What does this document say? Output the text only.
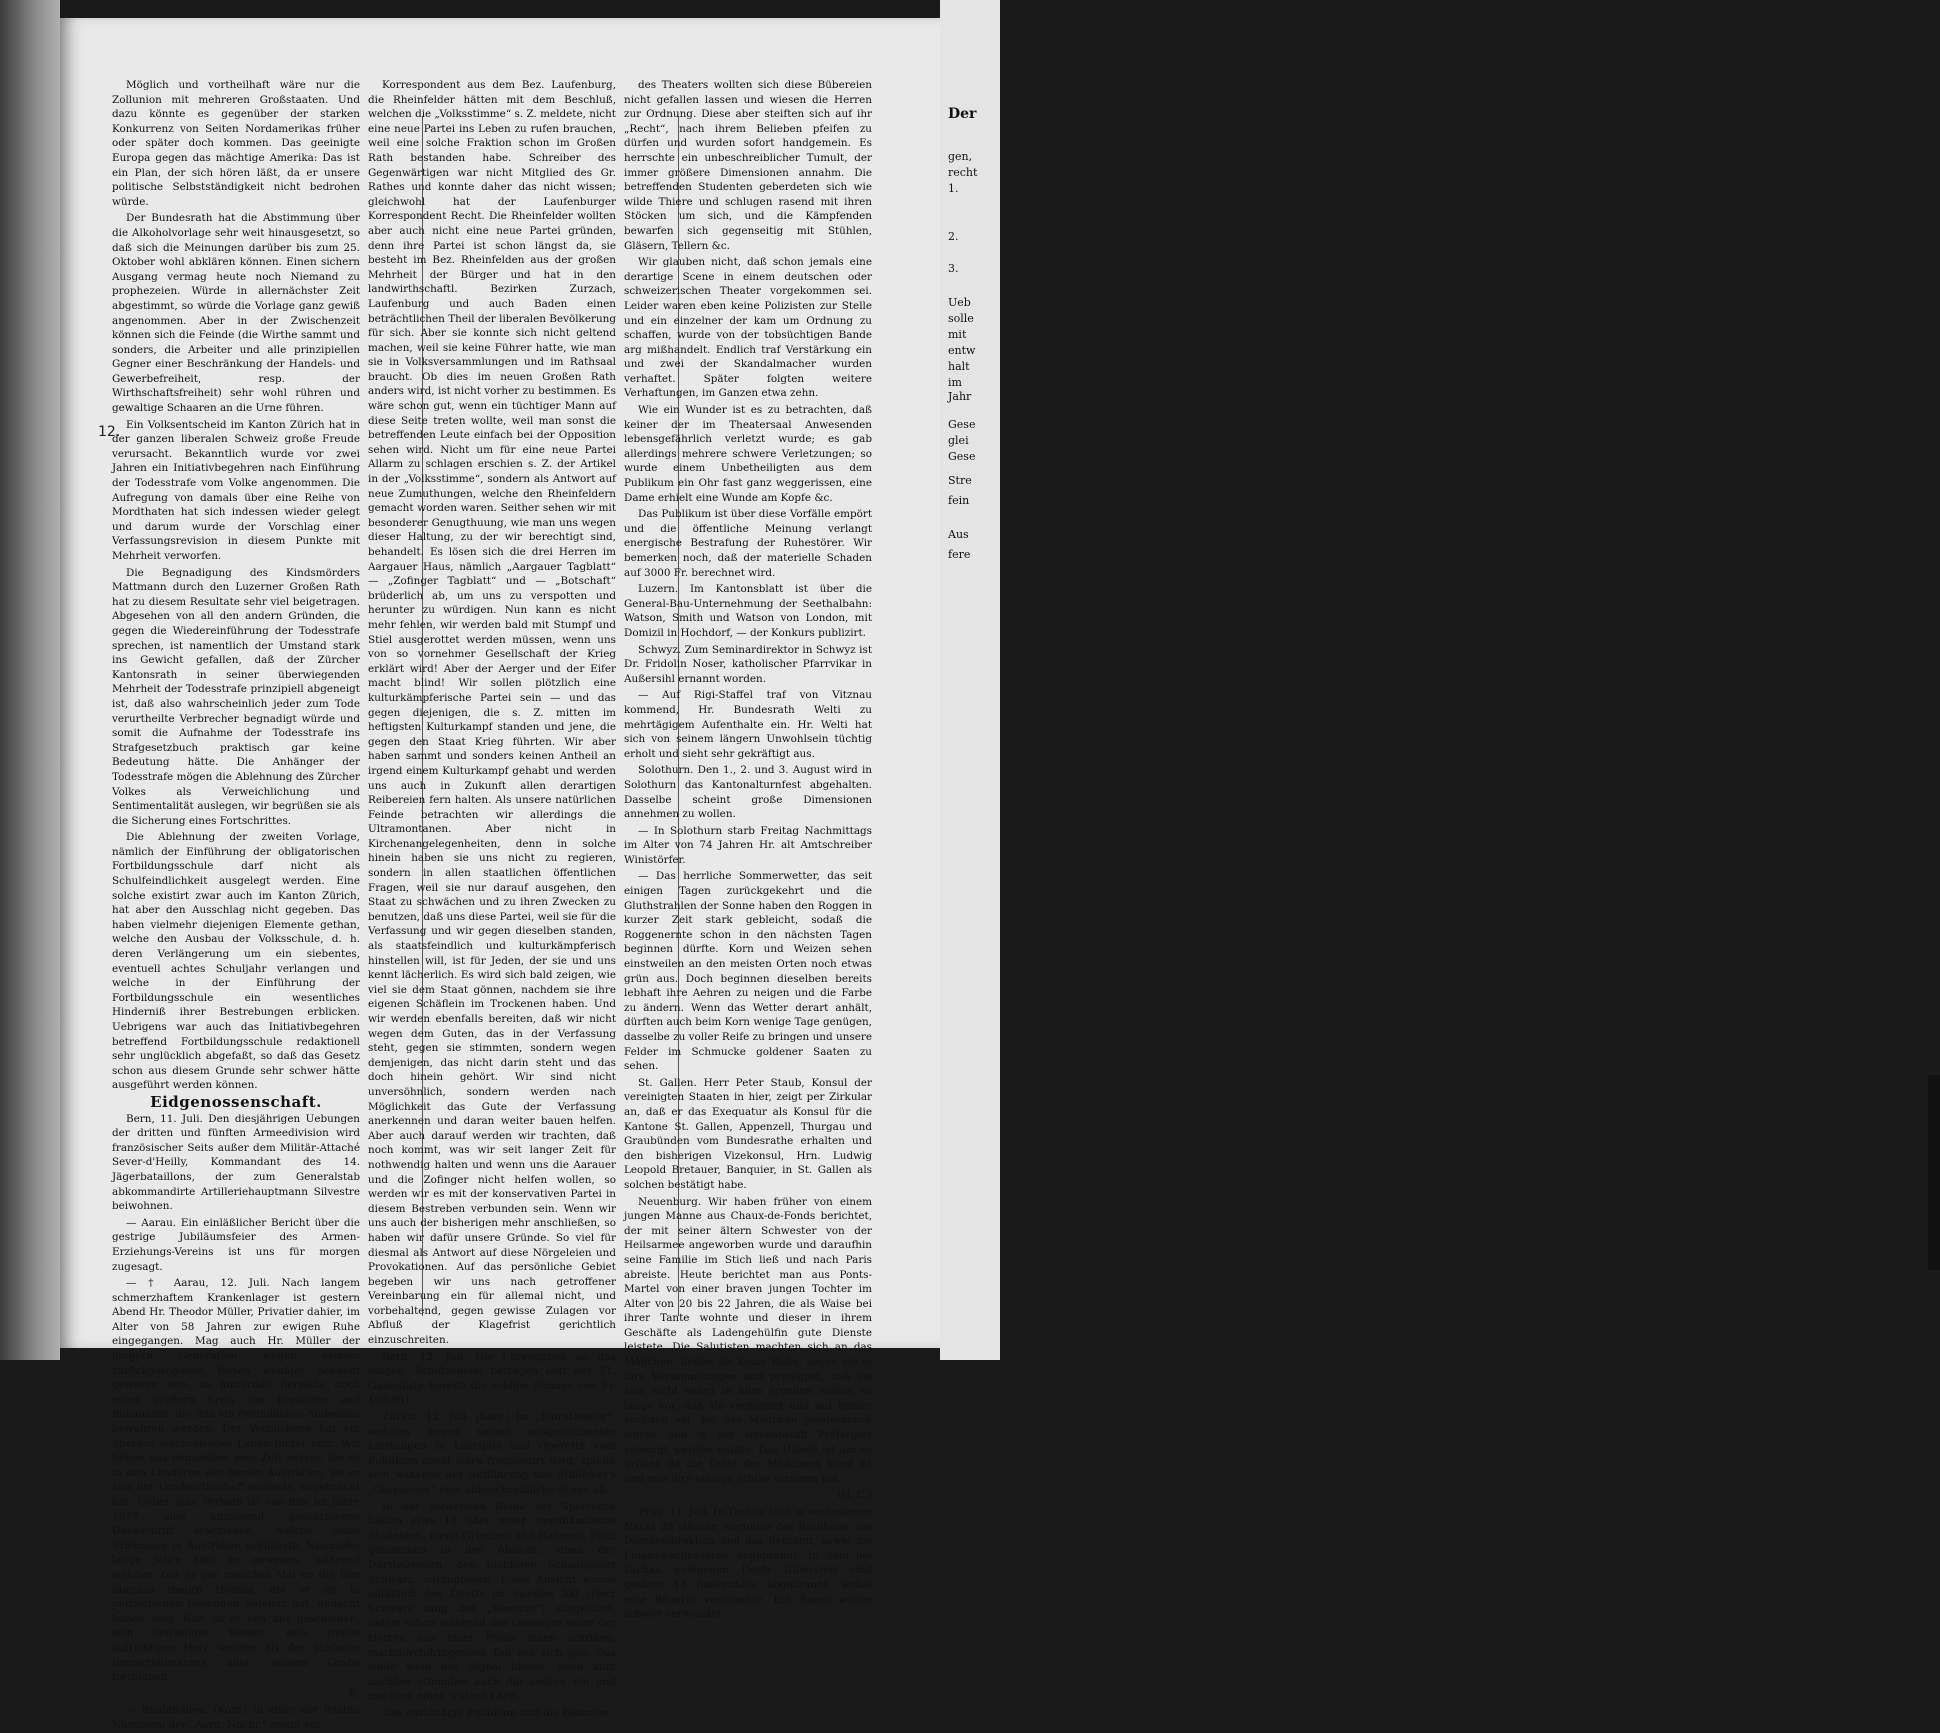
12.

Möglich und vortheilhaft wäre nur die Zollunion mit mehreren Großstaaten. Und dazu könnte es gegenüber der starken Konkurrenz von Seiten Nordamerikas früher oder später doch kommen. Das geeinigte Europa gegen das mächtige Amerika: Das ist ein Plan, der sich hören läßt, da er unsere politische Selbstständigkeit nicht bedrohen würde.

Der Bundesrath hat die Abstimmung über die Alkoholvorlage sehr weit hinausgesetzt, so daß sich die Meinungen darüber bis zum 25. Oktober wohl abklären können. Einen sichern Ausgang vermag heute noch Niemand zu prophezeien. Würde in allernächster Zeit abgestimmt, so würde die Vorlage ganz gewiß angenommen. Aber in der Zwischenzeit können sich die Feinde (die Wirthe sammt und sonders, die Arbeiter und alle prinzipiellen Gegner einer Beschränkung der Handels- und Gewerbefreiheit, resp. der Wirthschaftsfreiheit) sehr wohl rühren und gewaltige Schaaren an die Urne führen.

Ein Volksentscheid im Kanton Zürich hat in der ganzen liberalen Schweiz große Freude verursacht. Bekanntlich wurde vor zwei Jahren ein Initiativbegehren nach Einführung der Todesstrafe vom Volke angenommen. Die Aufregung von damals über eine Reihe von Mordthaten hat sich indessen wieder gelegt und darum wurde der Vorschlag einer Verfassungsrevision in diesem Punkte mit Mehrheit verworfen.

Die Begnadigung des Kindsmörders Mattmann durch den Luzerner Großen Rath hat zu diesem Resultate sehr viel beigetragen. Abgesehen von all den andern Gründen, die gegen die Wiedereinführung der Todesstrafe sprechen, ist namentlich der Umstand stark ins Gewicht gefallen, daß der Zürcher Kantonsrath in seiner überwiegenden Mehrheit der Todesstrafe prinzipiell abgeneigt ist, daß also wahrscheinlich jeder zum Tode verurtheilte Verbrecher begnadigt würde und somit die Aufnahme der Todesstrafe ins Strafgesetzbuch praktisch gar keine Bedeutung hätte. Die Anhänger der Todesstrafe mögen die Ablehnung des Zürcher Volkes als Verweichlichung und Sentimentalität auslegen, wir begrüßen sie als die Sicherung eines Fortschrittes.

Die Ablehnung der zweiten Vorlage, nämlich der Einführung der obligatorischen Fortbildungsschule darf nicht als Schulfeindlichkeit ausgelegt werden. Eine solche existirt zwar auch im Kanton Zürich, hat aber den Ausschlag nicht gegeben. Das haben vielmehr diejenigen Elemente gethan, welche den Ausbau der Volksschule, d. h. deren Verlängerung um ein siebentes, eventuell achtes Schuljahr verlangen und welche in der Einführung der Fortbildungsschule ein wesentliches Hinderniß ihrer Bestrebungen erblicken. Uebrigens war auch das Initiativbegehren betreffend Fortbildungsschule redaktionell sehr unglücklich abgefaßt, so daß das Gesetz schon aus diesem Grunde sehr schwer hätte ausgeführt werden können.

Eidgenossenschaft.

Bern, 11. Juli. Den diesjährigen Uebungen der dritten und fünften Armeedivision wird französischer Seits außer dem Militär-Attaché Sever-d'Heilly, Kommandant des 14. Jägerbataillons, der zum Generalstab abkommandirte Artilleriehauptmann Silvestre beiwohnen.

— Aarau. Ein einläßlicher Bericht über die gestrige Jubiläumsfeier des Armen-Erziehungs-Vereins ist uns für morgen zugesagt.

— † Aarau, 12. Juli. Nach langem schmerzhaftem Krankenlager ist gestern Abend Hr. Theodor Müller, Privatier dahier, im Alter von 58 Jahren zur ewigen Ruhe eingegangen. Mag auch Hr. Müller der jüngern Generation wegen seinem zurückgezogenen Wesen weniger bekannt gewesen sein, so hinterläßt derselbe doch einen größern Kreis von Freunden und Bekannten, die ihm ein freundliches Andenken bewahren werden. Der Verblichene hat ein überaus wechselvolles Leben hinter sich. Wir heben aus demselben jene Zeit hervor, die er in den Länderen des fernen Australien, wo er sich der Landwirthschaft widmete, zugebracht hat. Ueber jene Periode ist von ihm im Jahre 1877 eine anziehend geschriebene Denkschrift erschienen, welche seine Erlebnisse in Australien schilderte. Neunzehn lange Jahre sind es gewesen, während welcher Zeit er gar manches Mal an die ihm überaus theure Heimat, die er oft in patriotischen Gesängen gefeiert hat, gedacht haben mag. Nun ist er von uns geschieden; sein leutseliges Wesen, sein treues aufrichtiges Herz werden als der schönste Immortellenkranz über seinem Grabe fortblühen.

K.

— Rheinfelden. (Korr.) In einer der letzten Nummern der „Aarg. Nachr.“ meint ein

Korrespondent aus dem Bez. Laufenburg, die Rheinfelder hätten mit dem Beschluß, welchen die „Volksstimme“ s. Z. meldete, nicht eine neue Partei ins Leben zu rufen brauchen, weil eine solche Fraktion schon im Großen Rath bestanden habe. Schreiber des Gegenwärtigen war nicht Mitglied des Gr. Rathes und konnte daher das nicht wissen; gleichwohl hat der Laufenburger Korrespondent Recht. Die Rheinfelder wollten aber auch nicht eine neue Partei gründen, denn ihre Partei ist schon längst da, sie besteht im Bez. Rheinfelden aus der großen Mehrheit der Bürger und hat in den landwirthschaftl. Bezirken Zurzach, Laufenburg und auch Baden einen beträchtlichen Theil der liberalen Bevölkerung für sich. Aber sie konnte sich nicht geltend machen, weil sie keine Führer hatte, wie man sie in Volksversammlungen und im Rathsaal braucht. Ob dies im neuen Großen Rath anders wird, ist nicht vorher zu bestimmen. Es wäre schon gut, wenn ein tüchtiger Mann auf diese Seite treten wollte, weil man sonst die betreffenden Leute einfach bei der Opposition sehen wird. Nicht um für eine neue Partei Allarm zu schlagen erschien s. Z. der Artikel in der „Volksstimme“, sondern als Antwort auf neue Zumuthungen, welche den Rheinfeldern gemacht worden waren. Seither sehen wir mit besonderer Genugthuung, wie man uns wegen dieser Haltung, zu der wir berechtigt sind, behandelt. Es lösen sich die drei Herren im Aargauer Haus, nämlich „Aargauer Tagblatt“ — „Zofinger Tagblatt“ und — „Botschaft“ brüderlich ab, um uns zu verspotten und herunter zu würdigen. Nun kann es nicht mehr fehlen, wir werden bald mit Stumpf und Stiel ausgerottet werden müssen, wenn uns von so vornehmer Gesellschaft der Krieg erklärt wird! Aber der Aerger und der Eifer macht blind! Wir sollen plötzlich eine kulturkämpferische Partei sein — und das gegen diejenigen, die s. Z. mitten im heftigsten Kulturkampf standen und jene, die gegen den Staat Krieg führten. Wir aber haben sammt und sonders keinen Antheil an irgend einem Kulturkampf gehabt und werden uns auch in Zukunft allen derartigen Reibereien fern halten. Als unsere natürlichen Feinde betrachten wir allerdings die Ultramontanen. Aber nicht in Kirchenangelegenheiten, denn in solche hinein haben sie uns nicht zu regieren, sondern in allen staatlichen öffentlichen Fragen, weil sie nur darauf ausgehen, den Staat zu schwächen und zu ihren Zwecken zu benutzen, daß uns diese Partei, weil sie für die Verfassung und wir gegen dieselben standen, als staatsfeindlich und kulturkämpferisch hinstellen will, ist für Jeden, der sie und uns kennt lächerlich. Es wird sich bald zeigen, wie viel sie dem Staat gönnen, nachdem sie ihre eigenen Schäflein im Trockenen haben. Und wir werden ebenfalls bereiten, daß wir nicht wegen dem Guten, das in der Verfassung steht, gegen sie stimmten, sondern wegen demjenigen, das nicht darin steht und das doch hinein gehört. Wir sind nicht unversöhnlich, sondern werden nach Möglichkeit das Gute der Verfassung anerkennen und daran weiter bauen helfen. Aber auch darauf werden wir trachten, daß noch kommt, was wir seit langer Zeit für nothwendig halten und wenn uns die Aarauer und die Zofinger nicht helfen wollen, so werden wir es mit der konservativen Partei in diesem Bestreben verbunden sein. Wenn wir uns auch der bisherigen mehr anschließen, so haben wir dafür unsere Gründe. So viel für diesmal als Antwort auf diese Nörgeleien und Provokationen. Auf das persönliche Gebiet begeben wir uns nach getroffener Vereinbarung ein für allemal nicht, und vorbehaltend, gegen gewisse Zulagen vor Abfluß der Klagefrist gerichtlich einzuschreiten.

Bern, 12. Juli. Die Ehrengaben an das eidgen. Schützenfest betragen laut der 51. Gabenliste bereits die schöne Summe von Fr. 165,901.

Zürich, 12. Juli. (Korr.) Im „Floratheater“, welches wegen seinen ausgezeichneten Leistungen in Lustspiel und Operette vom Publikum meist stark frequentirt wird, spielte sich während der Aufführung von Millöcker's „Gasparone“ eine unbeschreibliche Scene ab.

In der vordersten Reihe der Sperrsitze hatten etwa 15 oder mehr fremdländische Studenten, meist Griechen und Italiener, Platz genommen in der Absicht, einen der Darstellenden, den tüchtigen Schauspieler Schwarz, auszupfeifen. Diese Absicht wurde anläßlich des Duetts im zweiten Akt (Herr Schwarz sang den „Benozzo“) ausgeführt, indem schon während des Gesanges einer der Herren aus einer Pfeife einen schrillen, markdurchdringenden Ton von sich gab. Das sollte wohl das Signal bilden, denn kurz nachher stimmten auch die andern ein und machten einen wüsten Lärm.

Das anständige Publikum und die Beamten

des Theaters wollten sich diese Bübereien nicht gefallen lassen und wiesen die Herren zur Ordnung. Diese aber steiften sich auf ihr „Recht“, nach ihrem Belieben pfeifen zu dürfen und wurden sofort handgemein. Es herrschte ein unbeschreiblicher Tumult, der immer größere Dimensionen annahm. Die betreffenden Studenten geberdeten sich wie wilde Thiere und schlugen rasend mit ihren Stöcken um sich, und die Kämpfenden bewarfen sich gegenseitig mit Stühlen, Gläsern, Tellern &c.

Wir glauben nicht, daß schon jemals eine derartige Scene in einem deutschen oder schweizerischen Theater vorgekommen sei. Leider waren eben keine Polizisten zur Stelle und ein einzelner der kam um Ordnung zu schaffen, wurde von der tobsüchtigen Bande arg mißhandelt. Endlich traf Verstärkung ein und zwei der Skandalmacher wurden verhaftet. Später folgten weitere Verhaftungen, im Ganzen etwa zehn.

Wie ein Wunder ist es zu betrachten, daß keiner der im Theatersaal Anwesenden lebensgefährlich verletzt wurde; es gab allerdings mehrere schwere Verletzungen; so wurde einem Unbetheiligten aus dem Publikum ein Ohr fast ganz weggerissen, eine Dame erhielt eine Wunde am Kopfe &c.

Das Publikum ist über diese Vorfälle empört und die öffentliche Meinung verlangt energische Bestrafung der Ruhestörer. Wir bemerken noch, daß der materielle Schaden auf 3000 Fr. berechnet wird.

Luzern. Im Kantonsblatt ist über die General-Bau-Unternehmung der Seethalbahn: Watson, Smith und Watson von London, mit Domizil in Hochdorf, — der Konkurs publizirt.

Schwyz. Zum Seminardirektor in Schwyz ist Dr. Fridolin Noser, katholischer Pfarrvikar in Außersihl ernannt worden.

— Auf Rigi-Staffel traf von Vitznau kommend, Hr. Bundesrath Welti zu mehrtägigem Aufenthalte ein. Hr. Welti hat sich von seinem längern Unwohlsein tüchtig erholt und sieht sehr gekräftigt aus.

Solothurn. Den 1., 2. und 3. August wird in Solothurn das Kantonalturnfest abgehalten. Dasselbe scheint große Dimensionen annehmen zu wollen.

— In Solothurn starb Freitag Nachmittags im Alter von 74 Jahren Hr. alt Amtschreiber Winistörfer.

— Das herrliche Sommerwetter, das seit einigen Tagen zurückgekehrt und die Gluthstrahlen der Sonne haben den Roggen in kurzer Zeit stark gebleicht, sodaß die Roggenernte schon in den nächsten Tagen beginnen dürfte. Korn und Weizen sehen einstweilen an den meisten Orten noch etwas grün aus. Doch beginnen dieselben bereits lebhaft ihre Aehren zu neigen und die Farbe zu ändern. Wenn das Wetter derart anhält, dürften auch beim Korn wenige Tage genügen, dasselbe zu voller Reife zu bringen und unsere Felder im Schmucke goldener Saaten zu sehen.

St. Gallen. Herr Peter Staub, Konsul der vereinigten Staaten in hier, zeigt per Zirkular an, daß er das Exequatur als Konsul für die Kantone St. Gallen, Appenzell, Thurgau und Graubünden vom Bundesrathe erhalten und den bisherigen Vizekonsul, Hrn. Ludwig Leopold Bretauer, Banquier, in St. Gallen als solchen bestätigt habe.

Neuenburg. Wir haben früher von einem jungen Manne aus Chaux-de-Fonds berichtet, der mit seiner ältern Schwester von der Heilsarmee angeworben wurde und daraufhin seine Familie im Stich ließ und nach Paris abreiste. Heute berichtet man aus Ponts-Martel von einer braven jungen Tochter im Alter von 20 bis 22 Jahren, die als Waise bei ihrer Tante wohnte und dieser in ihrem Geschäfte als Ladengehülfin gute Dienste leistete. Die Salutisten machten sich an das Mädchen, ließen ihr keine Ruhe, zogen sie in ihre Versammlungen und predigten, daß sie sich nicht sofort in alles ergeben wollte, so lange vor, daß sie verdammt und auf immer verloren sei, bis das Mädchen geisteskrank wurde und in der Irrenanstalt Préfargier versorgt werden mußte. Das Unheil ist um so größer, da die Tante des Mädchens blind ist und nun ihre einzige Stütze verloren hat.

(H. C.)

Prag, 11. Juli. In Tachau sind in verflossener Nacht 28 Häuser, worunter das Rathhaus, die Domänedirektion und das Rentamt, sowie die Finanzwachkaserne abgebrannt. In dem bei Tachau gelegenen Dorfe Ulliersreit sind gestern 13 Bauernhöfe abgebrannt, wobei eine Bäuerin verbrannte. Ein Bauer wurde schwer verwundet.

Der
gen,
recht
1.
2.
3.
Ueb
solle
mit
entw
halt
im
Jahr
Gese
glei
Gese
Stre
fein
Aus
fere
